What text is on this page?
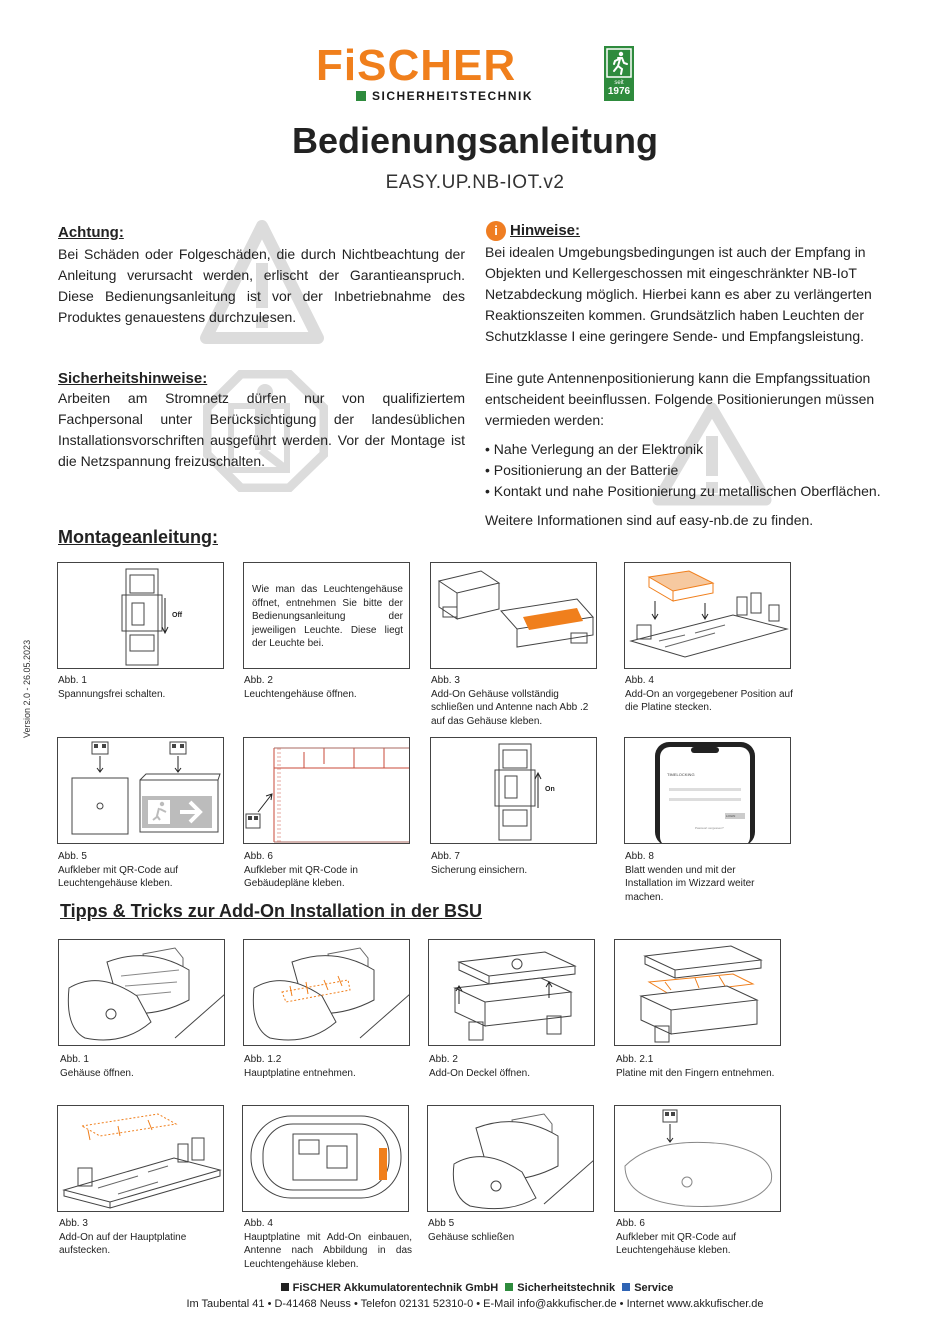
FiSCHER
SICHERHEITSTECHNIK
seit
1976
Bedienungsanleitung
EASY.UP.NB-IOT.v2
Version 2.0 - 26.05.2023
Achtung:
Bei Schäden oder Folgeschäden, die durch Nichtbeachtung der Anleitung verursacht werden, erlischt der Garantieanspruch. Diese Bedienungsanleitung ist vor der Inbetriebnahme des Produktes genauestens durchzulesen.
Sicherheitshinweise:
Arbeiten am Stromnetz dürfen nur von qualifiziertem Fachpersonal unter Berücksichtigung der landesüblichen Installationsvorschriften ausgeführt werden. Vor der Montage ist die Netzspannung freizuschalten.
i Hinweise:
Bei idealen Umgebungsbedingungen ist auch der Empfang in Objekten und Kellergeschossen mit eingeschränkter NB-IoT Netzabdeckung möglich. Hierbei kann es aber zu verlängerten Reaktionszeiten kommen. Grundsätzlich haben Leuchten der Schutzklasse I eine geringere Sende- und Empfangsleistung.
Eine gute Antennenpositionierung kann die Empfangssituation entscheident beeinflussen. Folgende Positionierungen müssen vermieden werden:
• Nahe Verlegung an der Elektronik
• Positionierung an der Batterie
• Kontakt und nahe Positionierung zu metallischen Oberflächen.
Weitere Informationen sind auf easy-nb.de zu finden.
Montageanleitung:
Off
Wie man das Leuchtengehäuse öffnet, entnehmen Sie bitte der Bedienungsanleitung der jeweiligen Leuchte. Diese liegt der Leuchte bei.
Abb. 1
Spannungsfrei schalten.
Abb. 2
Leuchtengehäuse öffnen.
Abb. 3
Add-On Gehäuse vollständig schließen und Antenne nach Abb .2 auf das Gehäuse kleben.
Abb. 4
Add-On an vorgegebener Position auf die Platine stecken.
On
TIMELOCKING
LOGIN
Passwort vergessen?
Abb. 5
Aufkleber mit QR-Code auf Leuchtengehäuse kleben.
Abb. 6
Aufkleber mit QR-Code in Gebäudepläne kleben.
Abb. 7
Sicherung einsichern.
Abb. 8
Blatt wenden und mit der Installation im Wizzard weiter machen.
Tipps & Tricks zur Add-On Installation in der BSU
Abb. 1
Gehäuse öffnen.
Abb. 1.2
Hauptplatine entnehmen.
Abb. 2
Add-On Deckel öffnen.
Abb. 2.1
Platine mit den Fingern entnehmen.
Abb. 3
Add-On auf der Hauptplatine aufstecken.
Abb. 4
Hauptplatine mit Add-On einbauen, Antenne nach Abbildung in das Leuchtengehäuse kleben.
Abb 5
Gehäuse schließen
Abb. 6
Aufkleber mit QR-Code auf Leuchtengehäuse kleben.
FiSCHER Akkumulatorentechnik GmbH Sicherheitstechnik Service
Im Taubental 41 • D-41468 Neuss • Telefon 02131 52310-0 • E-Mail info@akkufischer.de • Internet www.akkufischer.de
